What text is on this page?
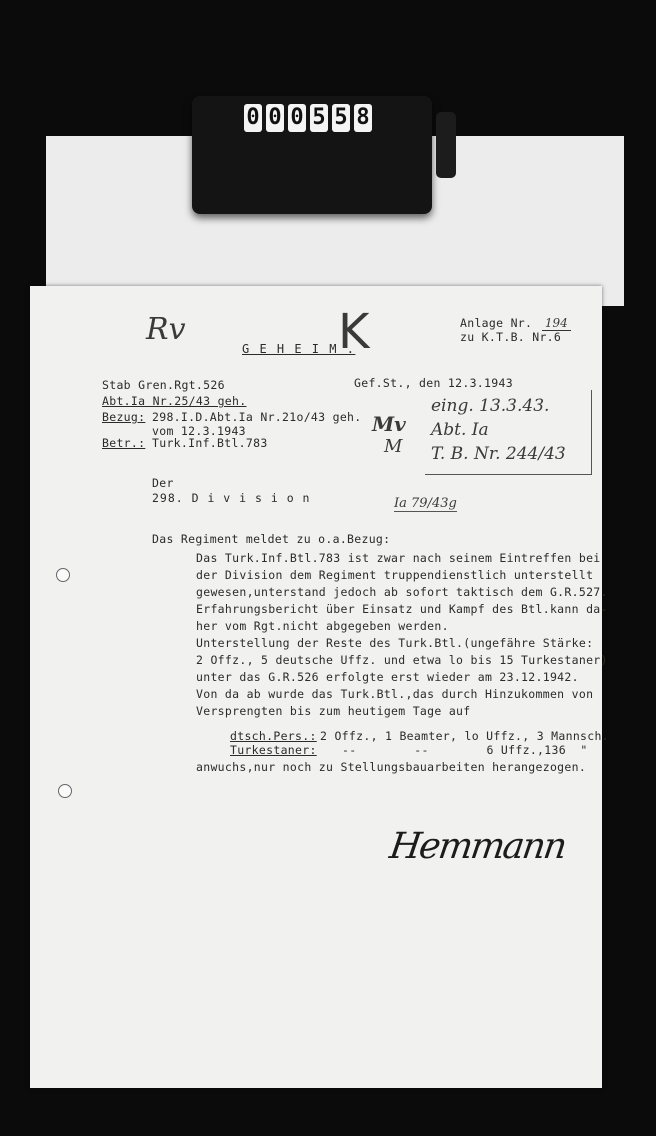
0 0 0 5 5 8
Rv
G E H E I M .
K	Anlage Nr. 194
zu K.T.B. Nr.6
Stab Gren.Rgt.526
Abt.Ia Nr.25/43 geh.
Bezug: 298.I.D.Abt.Ia Nr.21o/43 geh.
vom 12.3.1943
Betr.: Turk.Inf.Btl.783
Gef.St., den 12.3.1943
Mv
M
eing. 13.3.43.
Abt. Ia
T. B. Nr. 244/43
Der
298. D i v i s i o n	Ia 79/43g
Das Regiment meldet zu o.a.Bezug:
Das Turk.Inf.Btl.783 ist zwar nach seinem Eintreffen bei
der Division dem Regiment truppendienstlich unterstellt
gewesen,unterstand jedoch ab sofort taktisch dem G.R.527.
Erfahrungsbericht über Einsatz und Kampf des Btl.kann da-
her vom Rgt.nicht abgegeben werden.
Unterstellung der Reste des Turk.Btl.(ungefähre Stärke:
2 Offz., 5 deutsche Uffz. und etwa lo bis 15 Turkestaner)
unter das G.R.526 erfolgte erst wieder am 23.12.1942.
Von da ab wurde das Turk.Btl.,das durch Hinzukommen von
Versprengten bis zum heutigem Tage auf
dtsch.Pers.: 2 Offz., 1 Beamter, lo Uffz., 3 Mannsch.
Turkestaner: --        --        6 Uffz.,136  "
anwuchs,nur noch zu Stellungsbauarbeiten herangezogen.
Hemmann
